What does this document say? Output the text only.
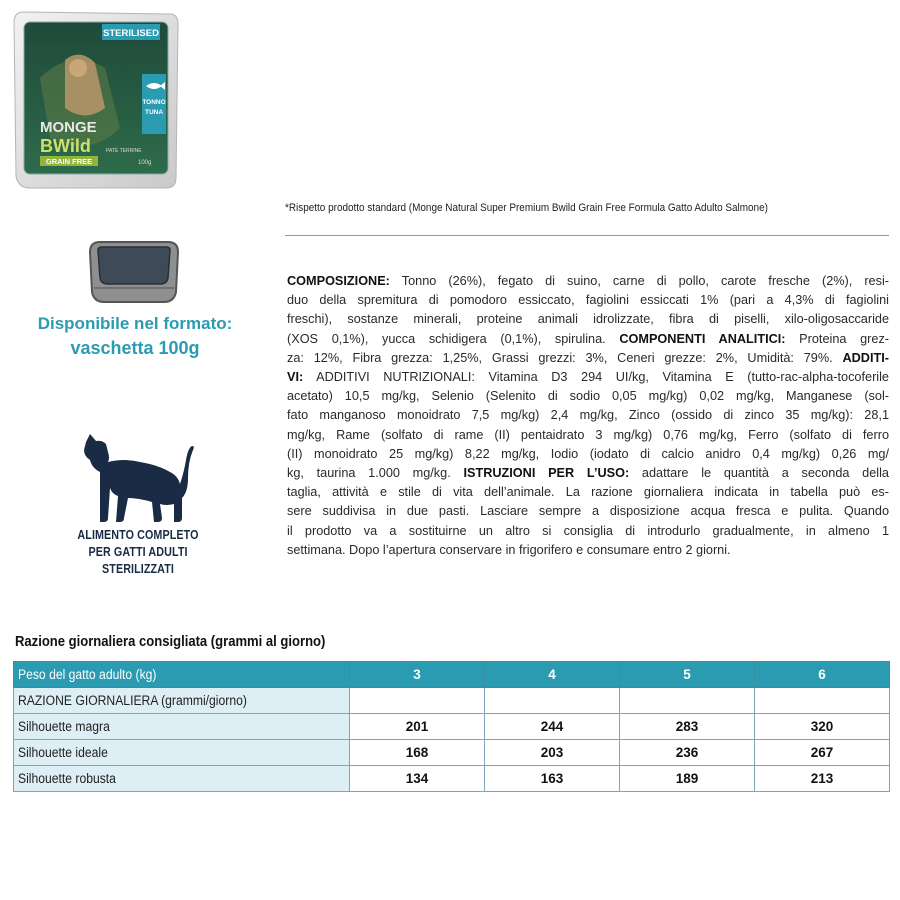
STERILISED
TONNO
TUNA
MONGE
BWild
GRAIN FREE
PATÈ TERRINE
100g
Disponibile nel formato:
vaschetta 100g
ALIMENTO COMPLETO
PER GATTI ADULTI
STERILIZZATI
*Rispetto prodotto standard (Monge Natural Super Premium Bwild Grain Free Formula Gatto Adulto Salmone)
COMPOSIZIONE: Tonno (26%), fegato di suino, carne di pollo, carote fresche (2%), resi-
duo della spremitura di pomodoro essiccato, fagiolini essiccati 1% (pari a 4,3% di fagiolini
freschi), sostanze minerali, proteine animali idrolizzate, fibra di piselli, xilo-oligosaccaride
(XOS 0,1%), yucca schidigera (0,1%), spirulina. COMPONENTI ANALITICI: Proteina grez-
za: 12%, Fibra grezza: 1,25%, Grassi grezzi: 3%, Ceneri grezze: 2%, Umidità: 79%. ADDITI-
VI: ADDITIVI NUTRIZIONALI: Vitamina D3 294 UI/kg, Vitamina E (tutto-rac-alpha-tocoferile
acetato) 10,5 mg/kg, Selenio (Selenito di sodio 0,05 mg/kg) 0,02 mg/kg, Manganese (sol-
fato manganoso monoidrato 7,5 mg/kg) 2,4 mg/kg, Zinco (ossido di zinco 35 mg/kg): 28,1
mg/kg, Rame (solfato di rame (II) pentaidrato 3 mg/kg) 0,76 mg/kg, Ferro (solfato di ferro
(II) monoidrato 25 mg/kg) 8,22 mg/kg, Iodio (iodato di calcio anidro 0,4 mg/kg) 0,26 mg/
kg, taurina 1.000 mg/kg. ISTRUZIONI PER L’USO: adattare le quantità a seconda della
taglia, attività e stile di vita dell’animale. La razione giornaliera indicata in tabella può es-
sere suddivisa in due pasti. Lasciare sempre a disposizione acqua fresca e pulita. Quando
il prodotto va a sostituirne un altro si consiglia di introdurlo gradualmente, in almeno 1
settimana. Dopo l’apertura conservare in frigorifero e consumare entro 2 giorni.
Razione giornaliera consigliata (grammi al giorno)
Peso del gatto adulto (kg)	3	4	5	6
RAZIONE GIORNALIERA (grammi/giorno)				
Silhouette magra	201	244	283	320
Silhouette ideale	168	203	236	267
Silhouette robusta	134	163	189	213
